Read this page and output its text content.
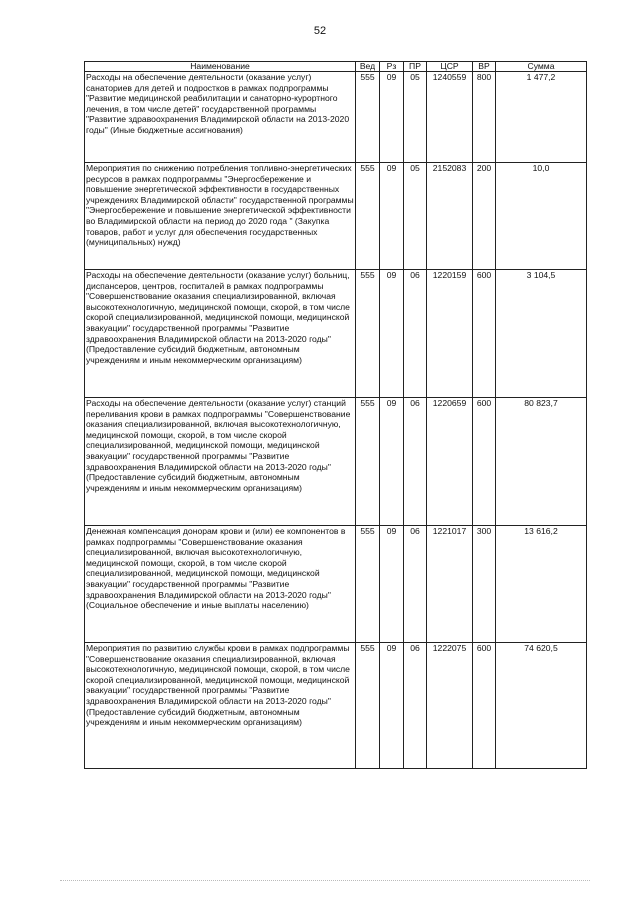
52
Наименование	Вед	Рз	ПР	ЦСР	ВР	Сумма
Расходы на обеспечение деятельности (оказание услуг) санаториев для детей и подростков в рамках подпрограммы "Развитие медицинской реабилитации и санаторно-курортного лечения, в том числе детей" государственной программы "Развитие здравоохранения Владимирской области на 2013-2020 годы" (Иные бюджетные ассигнования)	555	09	05	1240559	800	1 477,2
Мероприятия по снижению потребления топливно-энергетических ресурсов в рамках подпрограммы "Энергосбережение и повышение энергетической эффективности в государственных учреждениях Владимирской области" государственной программы "Энергосбережение и повышение энергетической эффективности во Владимирской области на период до 2020 года " (Закупка товаров, работ и услуг для обеспечения государственных (муниципальных) нужд)	555	09	05	2152083	200	10,0
Расходы на обеспечение деятельности (оказание услуг) больниц, диспансеров, центров, госпиталей в рамках подпрограммы "Совершенствование оказания специализированной, включая высокотехнологичную, медицинской помощи, скорой, в том числе скорой специализированной, медицинской помощи, медицинской эвакуации" государственной программы "Развитие здравоохранения Владимирской области на 2013-2020 годы" (Предоставление субсидий бюджетным, автономным учреждениям и иным некоммерческим организациям)	555	09	06	1220159	600	3 104,5
Расходы на обеспечение деятельности (оказание услуг) станций переливания крови в рамках подпрограммы "Совершенствование оказания специализированной, включая высокотехнологичную, медицинской помощи, скорой, в том числе скорой специализированной, медицинской помощи, медицинской эвакуации" государственной программы "Развитие здравоохранения Владимирской области на 2013-2020 годы" (Предоставление субсидий бюджетным, автономным учреждениям и иным некоммерческим организациям)	555	09	06	1220659	600	80 823,7
Денежная компенсация донорам крови и (или) ее компонентов в рамках подпрограммы "Совершенствование оказания специализированной, включая высокотехнологичную, медицинской помощи, скорой, в том числе скорой специализированной, медицинской помощи, медицинской эвакуации" государственной программы "Развитие здравоохранения Владимирской области на 2013-2020 годы" (Социальное обеспечение и иные выплаты населению)	555	09	06	1221017	300	13 616,2
Мероприятия по развитию службы крови в рамках подпрограммы "Совершенствование оказания специализированной, включая высокотехнологичную, медицинской помощи, скорой, в том числе скорой специализированной, медицинской помощи, медицинской эвакуации" государственной программы "Развитие здравоохранения Владимирской области на 2013-2020 годы" (Предоставление субсидий бюджетным, автономным учреждениям и иным некоммерческим организациям)	555	09	06	1222075	600	74 620,5
